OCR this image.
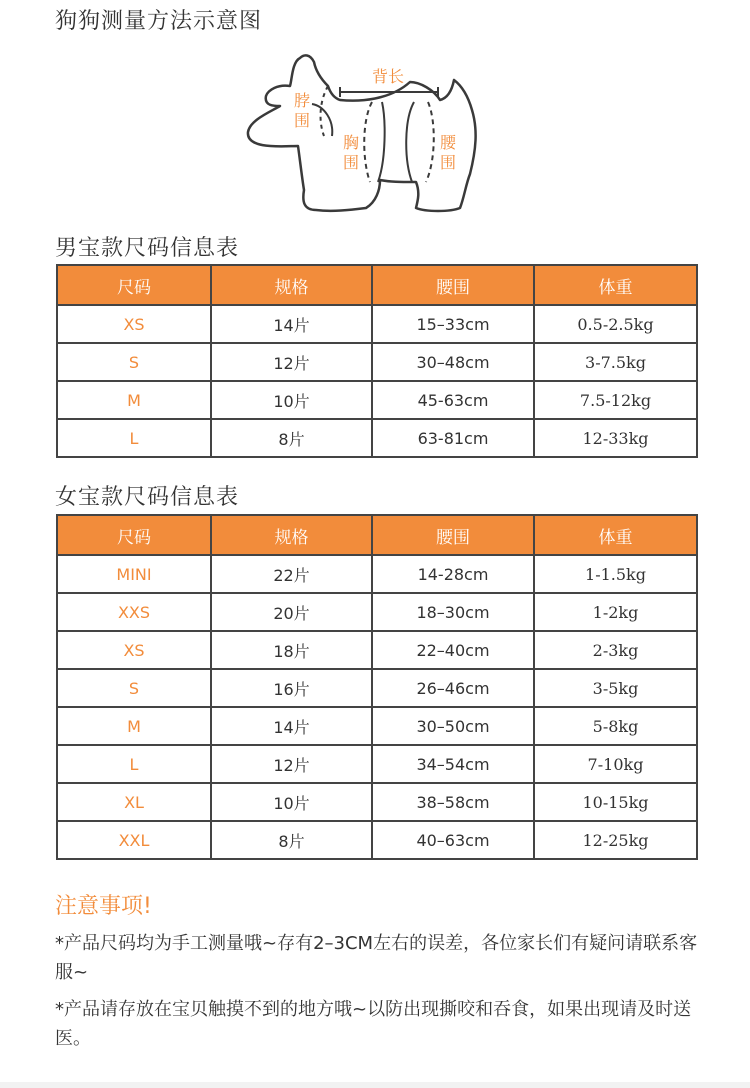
狗狗测量方法示意图
背长
脖
围
胸
围
腰
围
男宝款尺码信息表
尺码	规格	腰围	体重
XS	14片	15–33cm	0.5-2.5kg
S	12片	30–48cm	3-7.5kg
M	10片	45-63cm	7.5-12kg
L	8片	63-81cm	12-33kg
女宝款尺码信息表
尺码	规格	腰围	体重
MINI	22片	14-28cm	1-1.5kg
XXS	20片	18–30cm	1-2kg
XS	18片	22–40cm	2-3kg
S	16片	26–46cm	3-5kg
M	14片	30–50cm	5-8kg
L	12片	34–54cm	7-10kg
XL	10片	38–58cm	10-15kg
XXL	8片	40–63cm	12-25kg
注意事项!
*产品尺码均为手工测量哦~存有2–3CM左右的误差，各位家长们有疑问请联系客服~
*产品请存放在宝贝触摸不到的地方哦~以防出现撕咬和吞食，如果出现请及时送医。
